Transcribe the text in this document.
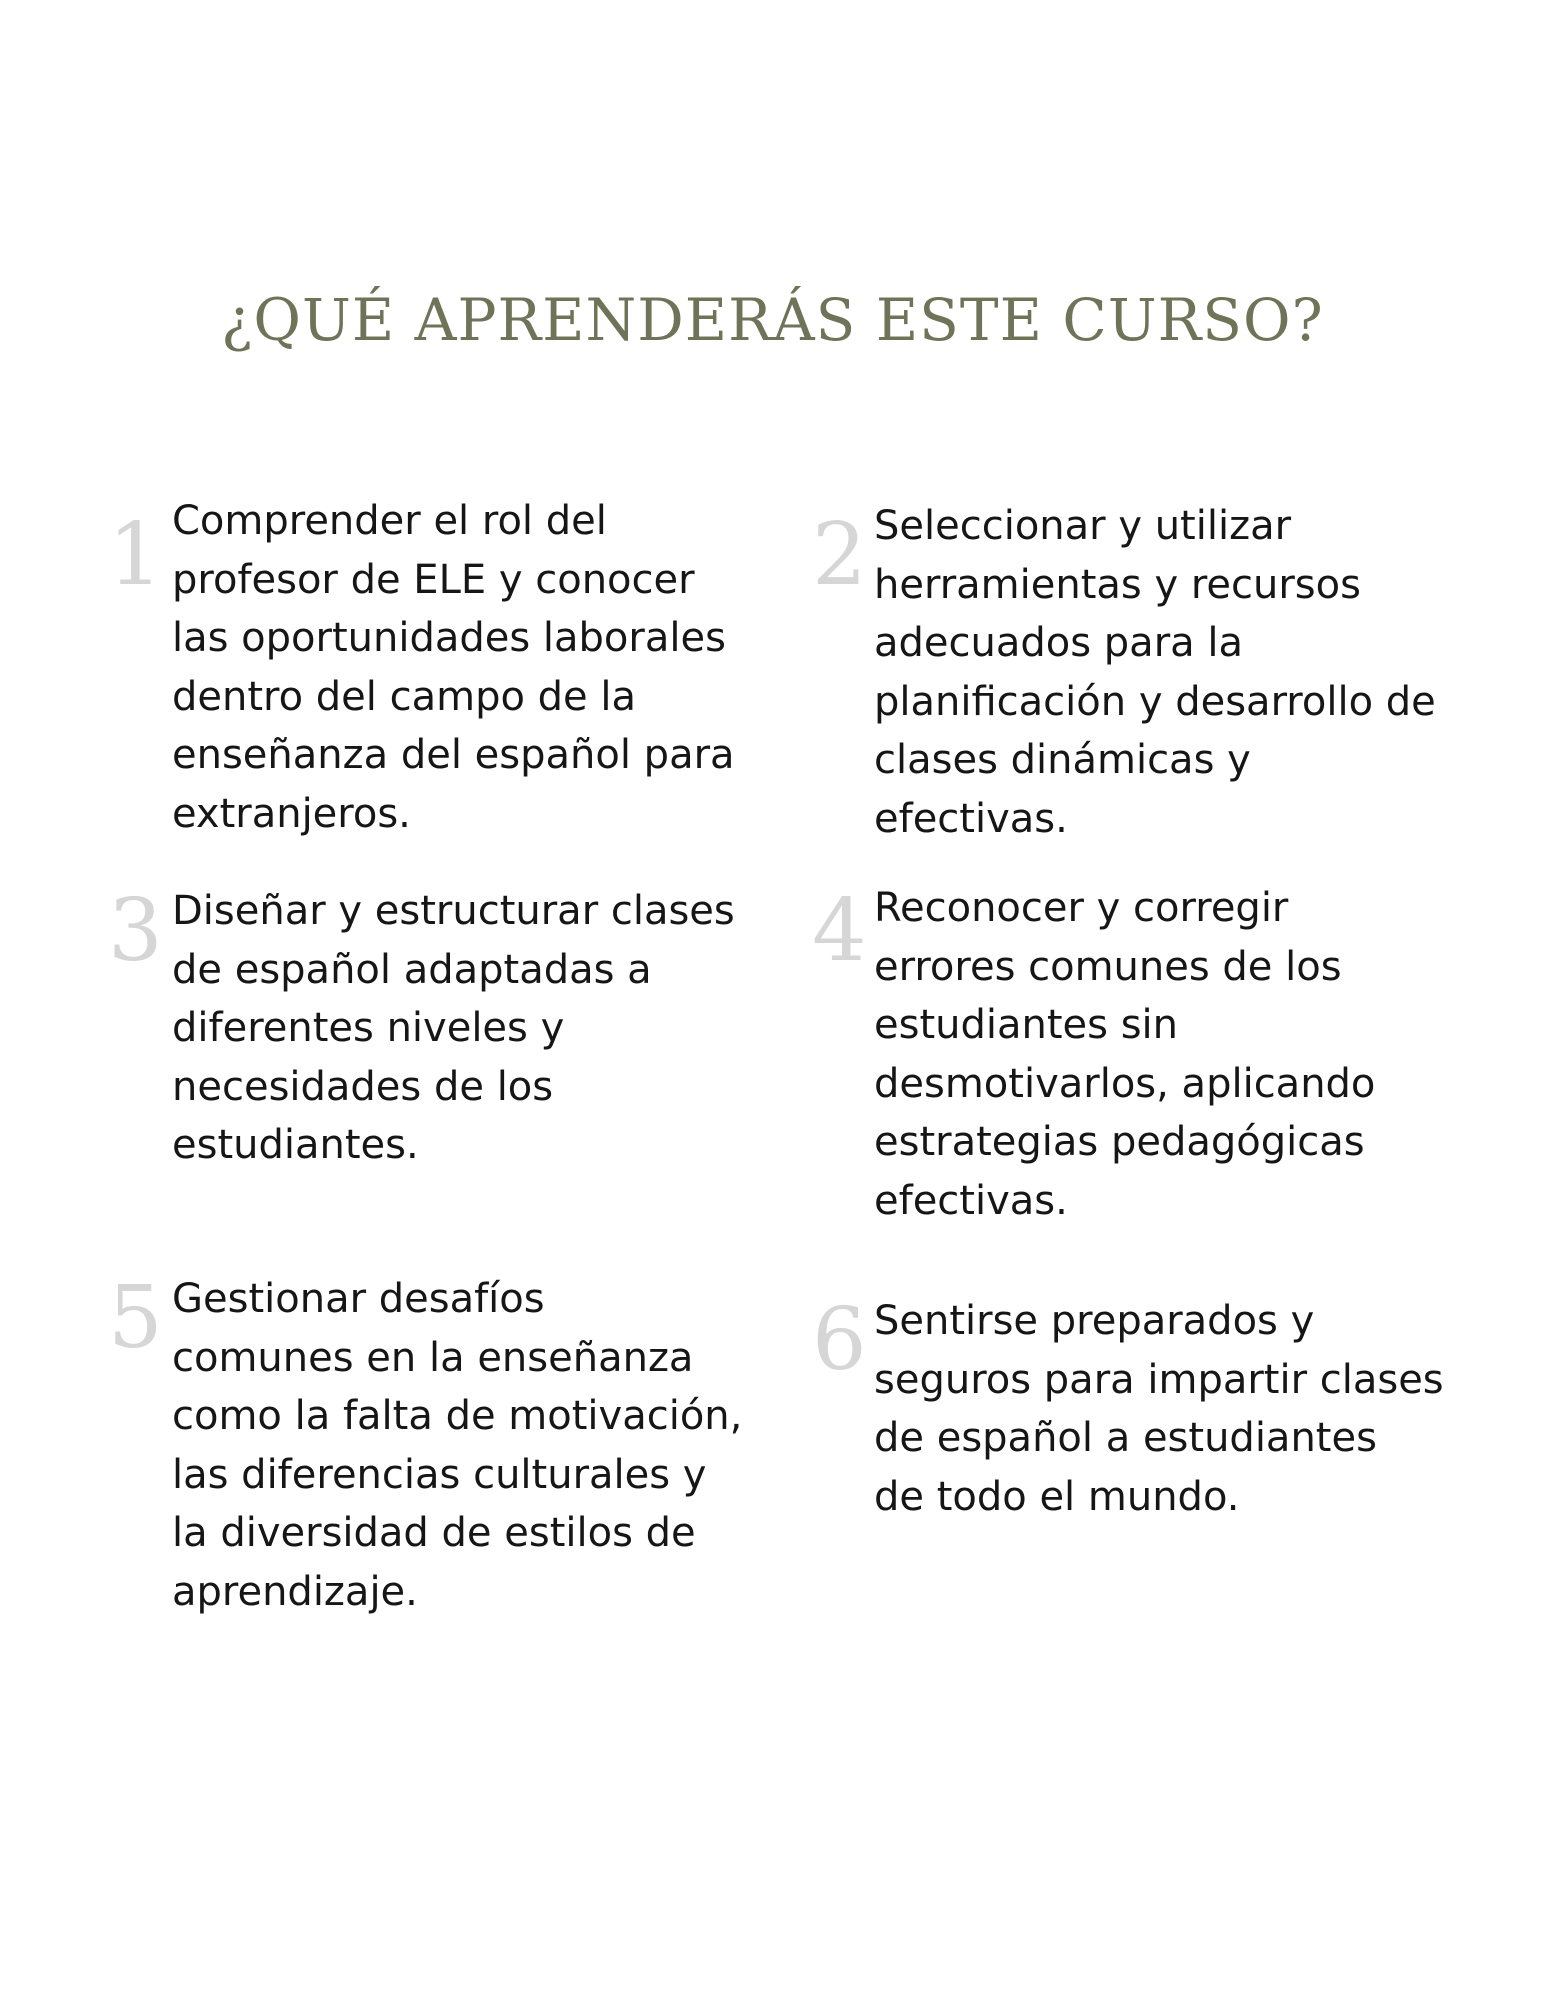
¿QUÉ APRENDERÁS ESTE CURSO?
1 Comprender el rol del
profesor de ELE y conocer
las oportunidades laborales
dentro del campo de la
enseñanza del español para
extranjeros.
2 Seleccionar y utilizar
herramientas y recursos
adecuados para la
planificación y desarrollo de
clases dinámicas y
efectivas.
3 Diseñar y estructurar clases
de español adaptadas a
diferentes niveles y
necesidades de los
estudiantes.
4 Reconocer y corregir
errores comunes de los
estudiantes sin
desmotivarlos, aplicando
estrategias pedagógicas
efectivas.
5 Gestionar desafíos
comunes en la enseñanza
como la falta de motivación,
las diferencias culturales y
la diversidad de estilos de
aprendizaje.
6 Sentirse preparados y
seguros para impartir clases
de español a estudiantes
de todo el mundo.
